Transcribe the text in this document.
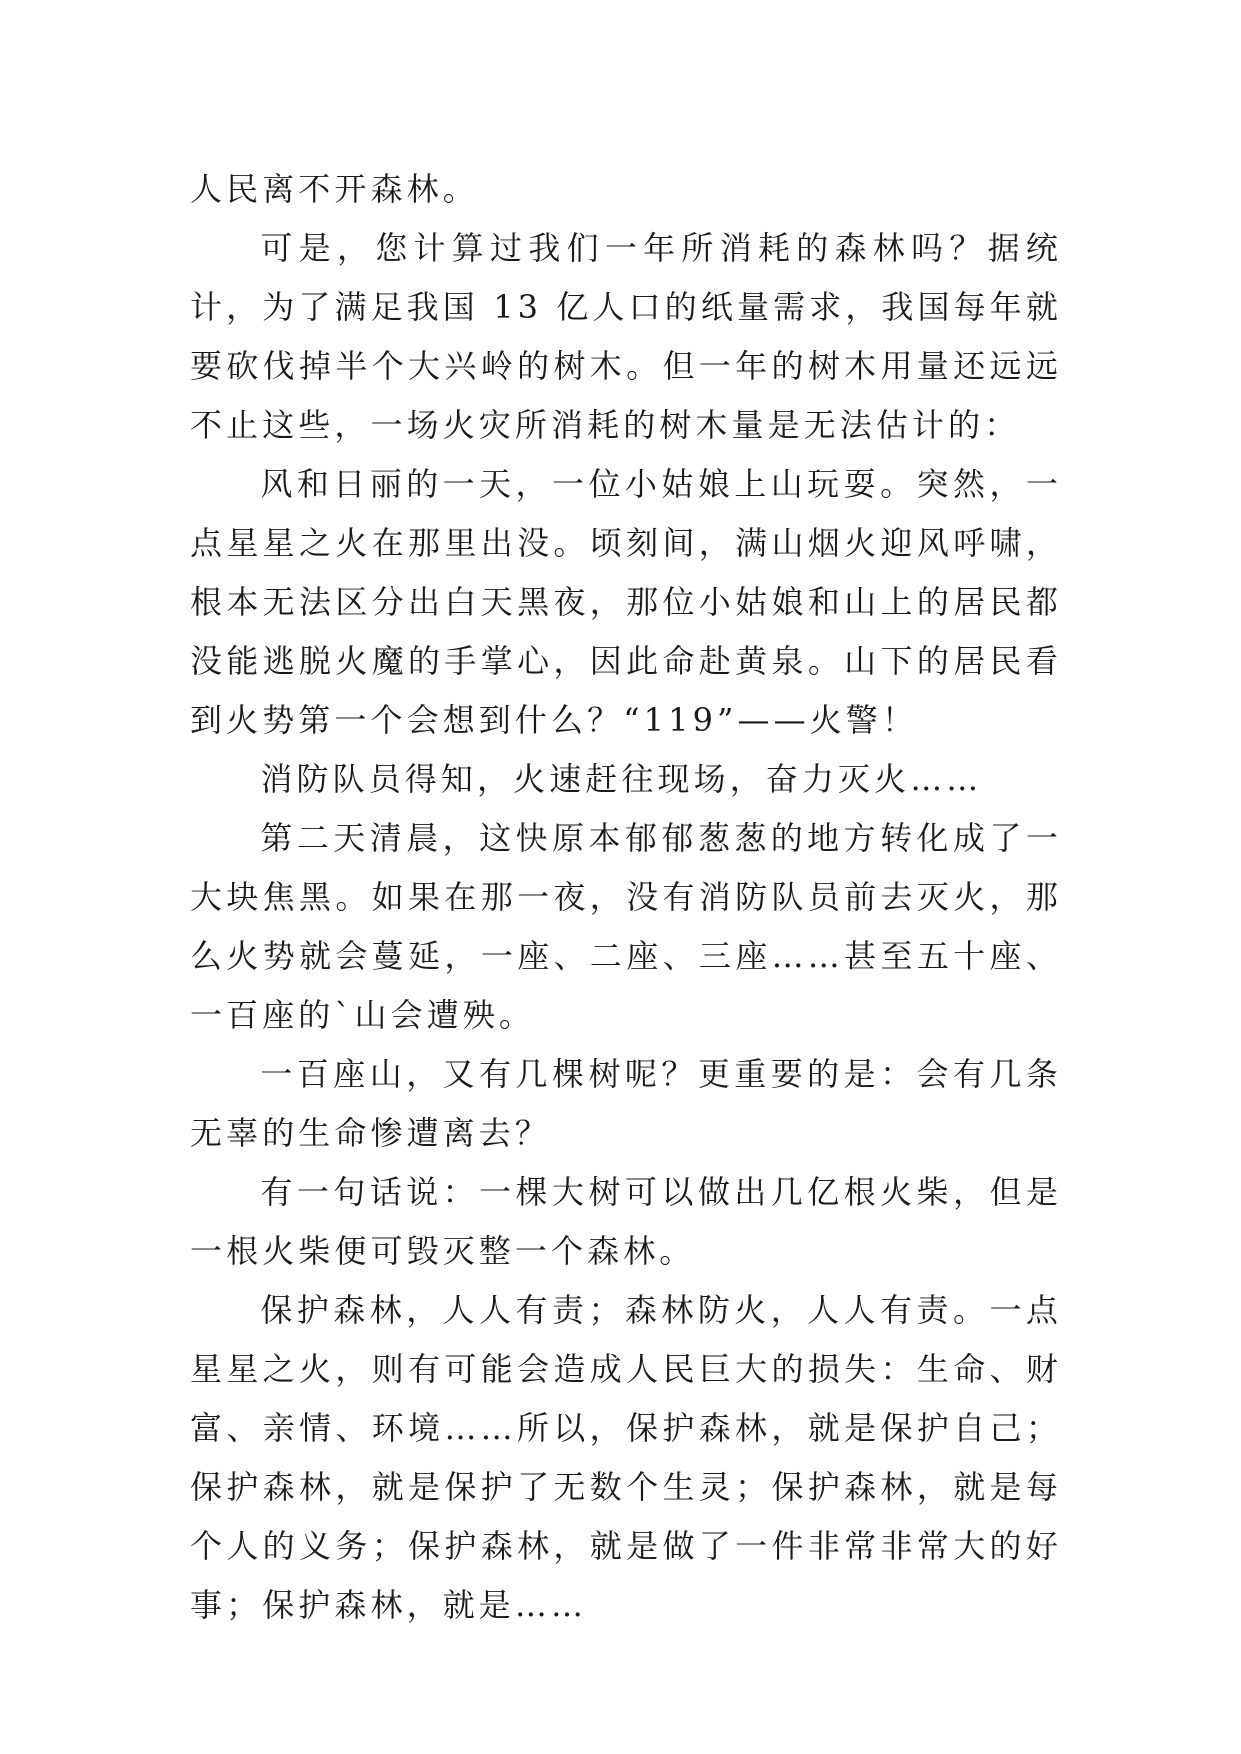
人民离不开森林。

可是，您计算过我们一年所消耗的森林吗？据统计，为了满足我国 13 亿人口的纸量需求，我国每年就要砍伐掉半个大兴岭的树木。但一年的树木用量还远远不止这些，一场火灾所消耗的树木量是无法估计的：

风和日丽的一天，一位小姑娘上山玩耍。突然，一点星星之火在那里出没。顷刻间，满山烟火迎风呼啸，根本无法区分出白天黑夜，那位小姑娘和山上的居民都没能逃脱火魔的手掌心，因此命赴黄泉。山下的居民看到火势第一个会想到什么？“119”——火警！

消防队员得知，火速赶往现场，奋力灭火……

第二天清晨，这快原本郁郁葱葱的地方转化成了一大块焦黑。如果在那一夜，没有消防队员前去灭火，那么火势就会蔓延，一座、二座、三座……甚至五十座、一百座的`山会遭殃。

一百座山，又有几棵树呢？更重要的是：会有几条无辜的生命惨遭离去？

有一句话说：一棵大树可以做出几亿根火柴，但是一根火柴便可毁灭整一个森林。

保护森林，人人有责；森林防火，人人有责。一点星星之火，则有可能会造成人民巨大的损失：生命、财富、亲情、环境……所以，保护森林，就是保护自己；保护森林，就是保护了无数个生灵；保护森林，就是每个人的义务；保护森林，就是做了一件非常非常大的好事；保护森林，就是……
